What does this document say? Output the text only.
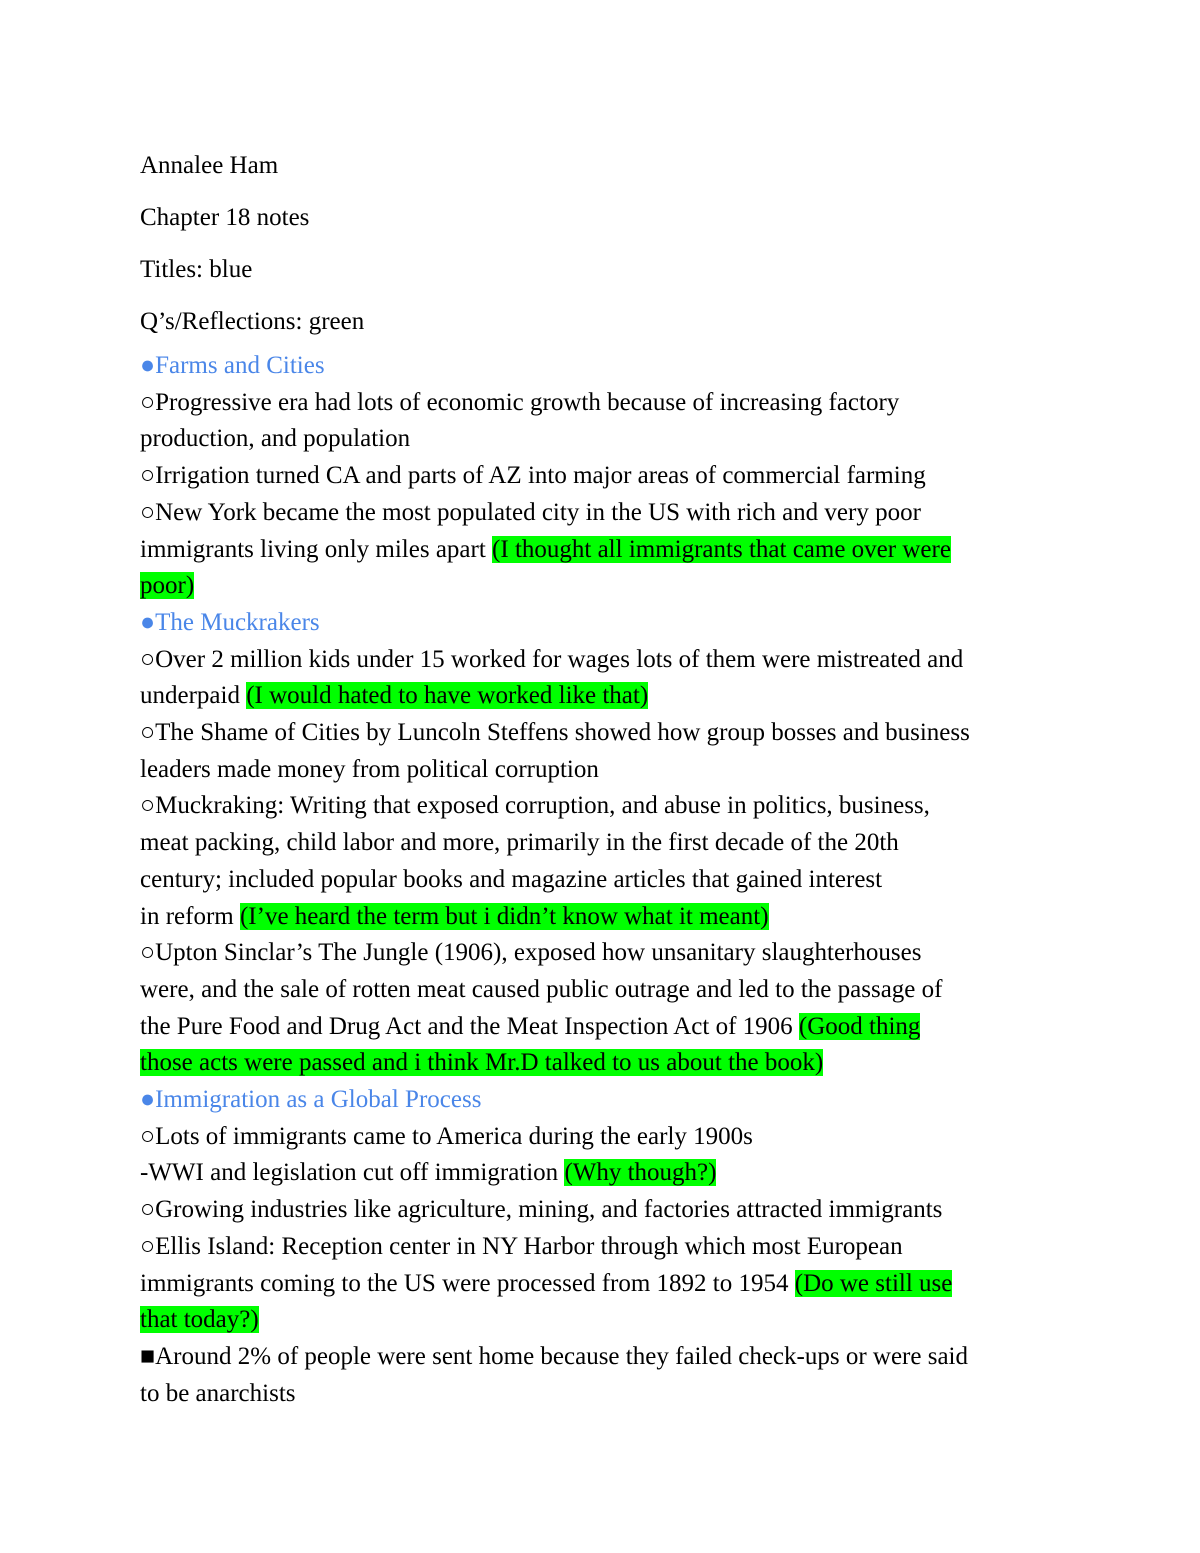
Annalee Ham
Chapter 18 notes
Titles: blue
Q’s/Reflections: green
●Farms and Cities
○Progressive era had lots of economic growth because of increasing factory
production, and population
○Irrigation turned CA and parts of AZ into major areas of commercial farming
○New York became the most populated city in the US with rich and very poor
immigrants living only miles apart (I thought all immigrants that came over were
poor)
●The Muckrakers
○Over 2 million kids under 15 worked for wages lots of them were mistreated and
underpaid (I would hated to have worked like that)
○The Shame of Cities by Luncoln Steffens showed how group bosses and business
leaders made money from political corruption
○Muckraking: Writing that exposed corruption, and abuse in politics, business,
meat packing, child labor and more, primarily in the first decade of the 20th
century; included popular books and magazine articles that gained interest
in reform (I’ve heard the term but i didn’t know what it meant)
○Upton Sinclar’s The Jungle (1906), exposed how unsanitary slaughterhouses
were, and the sale of rotten meat caused public outrage and led to the passage of
the Pure Food and Drug Act and the Meat Inspection Act of 1906 (Good thing
those acts were passed and i think Mr.D talked to us about the book)
●Immigration as a Global Process
○Lots of immigrants came to America during the early 1900s
-WWI and legislation cut off immigration (Why though?)
○Growing industries like agriculture, mining, and factories attracted immigrants
○Ellis Island: Reception center in NY Harbor through which most European
immigrants coming to the US were processed from 1892 to 1954 (Do we still use
that today?)
■Around 2% of people were sent home because they failed check-ups or were said
to be anarchists
